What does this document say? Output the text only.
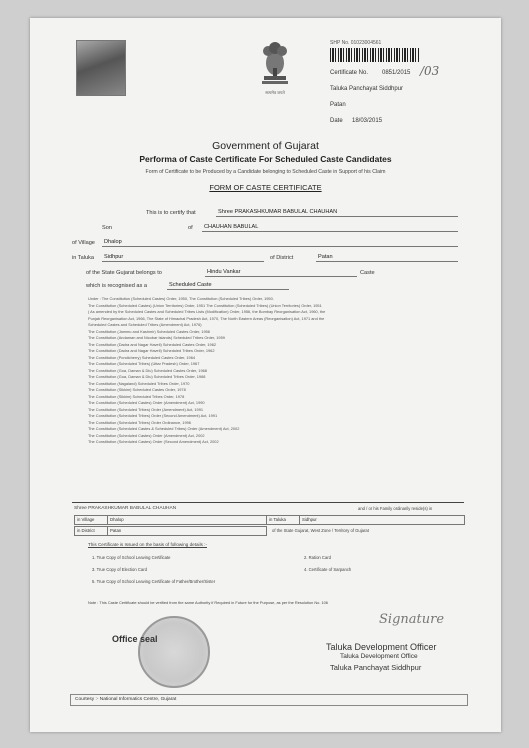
सत्यमेव जयते
SHP No. 01023004561
Certificate No. 0851/2015 /03
Taluka Panchayat Siddhpur
Patan
Date 18/03/2015
Government of Gujarat
Performa of Caste Certificate For Scheduled Caste Candidates
Form of Certificate to be Produced by a Candidate belonging to Scheduled Caste in Support of his Claim
FORM OF CASTE CERTIFICATE
This is to certify that	Shree PRAKASHKUMAR BABULAL CHAUHAN
Son	of	CHAUHAN BABULAL
of Village	Dhalop
in Taluka	Sidhpur	of District	Patan
of the State Gujarat belongs to	Hindu Vankar	Caste
which is recognised as a	Scheduled Caste
Under : The Constitution (Scheduled Castes) Order, 1950, The Constitution (Scheduled Tribes) Order, 1950.
The Constitution (Scheduled Castes) (Union Territories) Order, 1951 The Constitution (Scheduled Tribes) (Union Territories) Order, 1951
( As amended by the Scheduled Castes and Scheduled Tribes Lists (Modification) Order, 1956, the Bombay Reorganisation Act, 1960, the
Punjab Reorganisation Act, 1966, The State of Himachal Pradesh Act, 1970, The North Eastern Areas (Reorganisation) Act, 1971 and the
Scheduled Castes and Scheduled Tribes (Amendment) Act, 1976)
The Constitution (Jammu and Kashmir) Scheduled Castes Order, 1956
The Constitution (Andaman and Nicobar Islands) Scheduled Tribes Order, 1959
The Constitution (Dadra and Nagar Haveli) Scheduled Castes Order, 1962
The Constitution (Dadra and Nagar Haveli) Scheduled Tribes Order, 1962
The Constitution (Pondicherry) Scheduled Castes Order, 1964
The Constitution (Scheduled Tribes) (Uttar Pradesh) Order, 1967
The Constitution (Goa, Daman & Diu) Scheduled Castes Order, 1968
The Constitution (Goa, Daman & Diu) Scheduled Tribes Order, 1968
The Constitution (Nagaland) Scheduled Tribes Order, 1970
The Constitution (Sikkim) Scheduled Castes Order, 1978
The Constitution (Sikkim) Scheduled Tribes Order, 1978
The Constitution (Scheduled Castes) Order (Amendment) Act, 1990
The Constitution (Scheduled Tribes) Order (Amendment) Act, 1991
The Constitution (Scheduled Tribes) Order (Second Amendment) Act, 1991
The Constitution (Scheduled Tribes) Order Ordinance, 1996
The Constitution (Scheduled Castes & Scheduled Tribes) Order (Amendment) Act, 2002
The Constitution (Scheduled Castes) Order (Amendment) Act, 2002
The Constitution (Scheduled Castes) Order (Second Amendment) Act, 2002
Shree PRAKASHKUMAR BABULAL CHAUHAN	and / or his Family ordinarily reside(s) in
in Village	Dhalop	in Taluka	Sidhpur
in District	Patan	of the State Gujarat, West Zone / Territory of Gujarat
This Certificate is Issued on the basis of following details :-
1. True Copy of School Leaving Certificate	2. Ration Card
3. True Copy of Election Card	4. Certificate of Sarpanch
5. True Copy of School Leaving Certificate of Father/Brother/Sister
Note : This Caste Certificate should be verified from the same Authority if Required in Future for the Purpose, as per the Resolution No. 106
Office seal
Signature
Taluka Development Officer
Taluka Development Office
Taluka Panchayat Siddhpur
Courtesy :- National Informatics Centre, Gujarat
